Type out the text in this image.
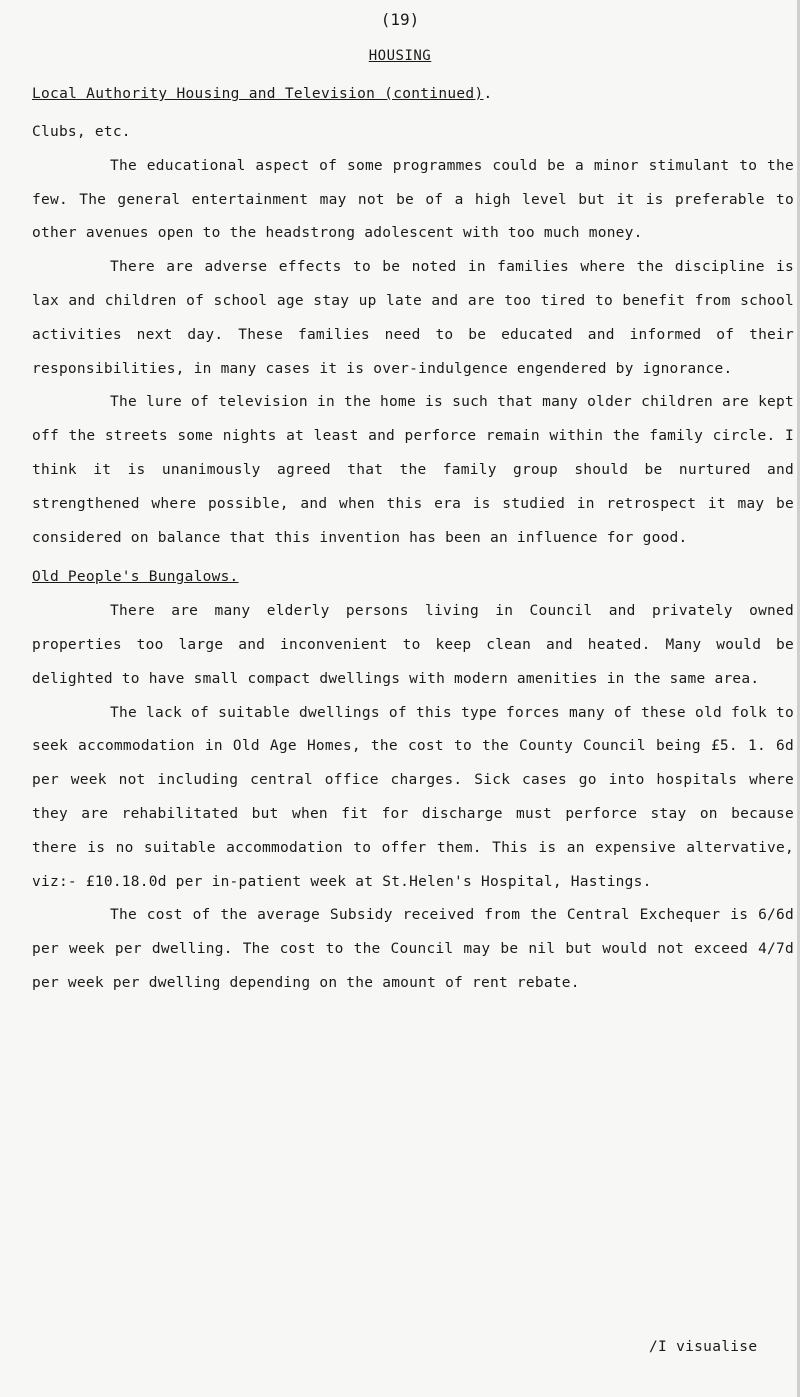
(19)
HOUSING
Local Authority Housing and Television (continued).

Clubs, etc.

The educational aspect of some programmes could be a minor stimulant to the few. The general entertainment may not be of a high level but it is preferable to other avenues open to the headstrong adolescent with too much money.

There are adverse effects to be noted in families where the discipline is lax and children of school age stay up late and are too tired to benefit from school activities next day. These families need to be educated and informed of their responsibilities, in many cases it is over-indulgence engendered by ignorance.

The lure of television in the home is such that many older children are kept off the streets some nights at least and perforce remain within the family circle. I think it is unanimously agreed that the family group should be nurtured and strengthened where possible, and when this era is studied in retrospect it may be considered on balance that this invention has been an influence for good.

Old People's Bungalows.

There are many elderly persons living in Council and privately owned properties too large and inconvenient to keep clean and heated. Many would be delighted to have small compact dwellings with modern amenities in the same area.

The lack of suitable dwellings of this type forces many of these old folk to seek accommodation in Old Age Homes, the cost to the County Council being £5. 1. 6d per week not including central office charges. Sick cases go into hospitals where they are rehabilitated but when fit for discharge must perforce stay on because there is no suitable accommodation to offer them. This is an expensive altervative, viz:- £10.18.0d per in-patient week at St.Helen's Hospital, Hastings.

The cost of the average Subsidy received from the Central Exchequer is 6/6d per week per dwelling. The cost to the Council may be nil but would not exceed 4/7d per week per dwelling depending on the amount of rent rebate.

/I visualise
